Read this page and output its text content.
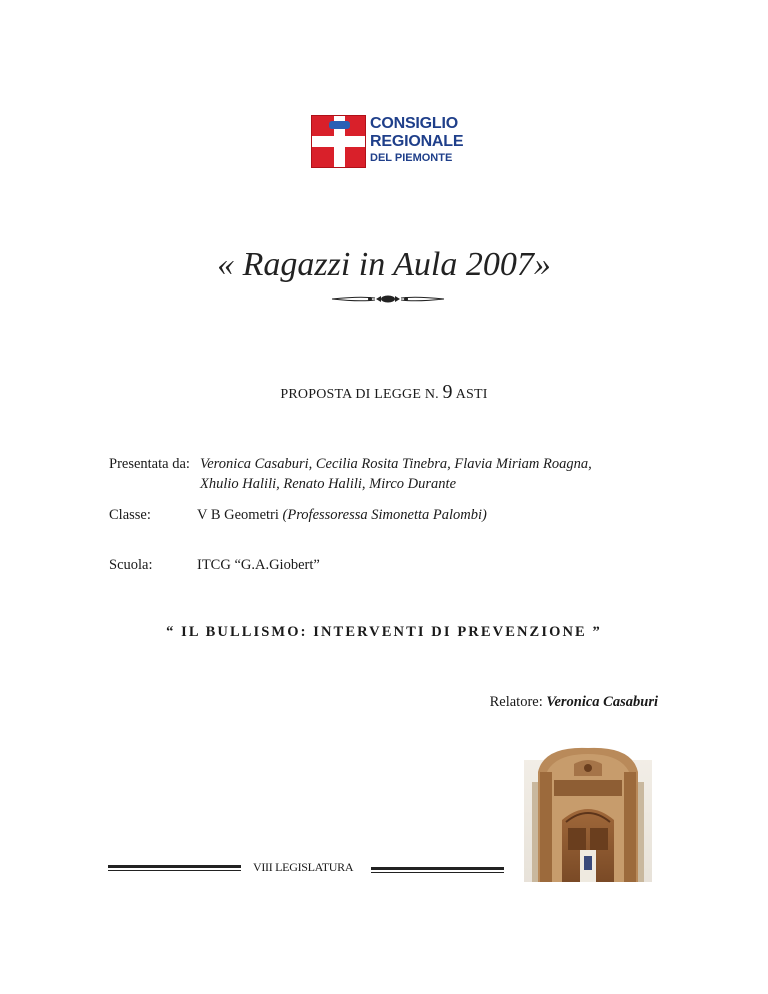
CONSIGLIO
REGIONALE
DEL PIEMONTE
« Ragazzi in Aula 2007»
PROPOSTA DI LEGGE N. 9 ASTI
Presentata da: Veronica Casaburi, Cecilia Rosita Tinebra, Flavia Miriam Roagna,
Xhulio Halili, Renato Halili, Mirco Durante
Classe:	V B Geometri (Professoressa Simonetta Palombi)
Scuola:	ITCG “G.A.Giobert”
“ IL BULLISMO: INTERVENTI DI PREVENZIONE ”
Relatore: Veronica Casaburi
VIII LEGISLATURA
